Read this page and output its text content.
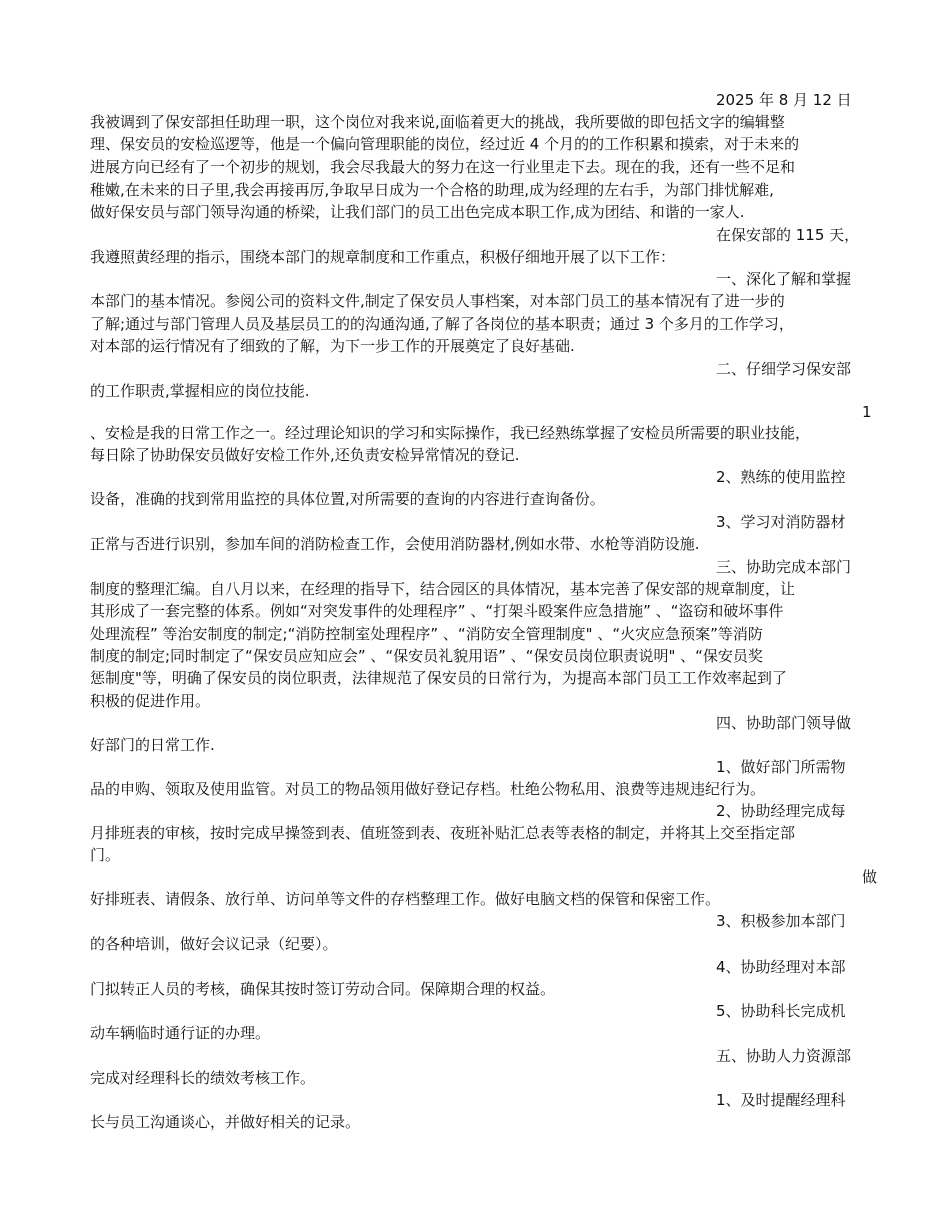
2025 年 8 月 12 日

我被调到了保安部担任助理一职，这个岗位对我来说,面临着更大的挑战，我所要做的即包括文字的编辑整

理、保安员的安检巡逻等，他是一个偏向管理职能的岗位，经过近 4 个月的的工作积累和摸索，对于未来的

进展方向已经有了一个初步的规划，我会尽我最大的努力在这一行业里走下去。现在的我，还有一些不足和

稚嫩,在未来的日子里,我会再接再厉,争取早日成为一个合格的助理,成为经理的左右手，为部门排忧解难,

做好保安员与部门领导沟通的桥梁，让我们部门的员工出色完成本职工作,成为团结、和谐的一家人.

在保安部的 115 天，

我遵照黄经理的指示，围绕本部门的规章制度和工作重点，积极仔细地开展了以下工作：

一、深化了解和掌握

本部门的基本情况。参阅公司的资料文件,制定了保安员人事档案，对本部门员工的基本情况有了进一步的

了解;通过与部门管理人员及基层员工的的沟通沟通,了解了各岗位的基本职责；通过 3 个多月的工作学习，

对本部的运行情况有了细致的了解，为下一步工作的开展奠定了良好基础.

二、仔细学习保安部

的工作职责,掌握相应的岗位技能.

1

、安检是我的日常工作之一。经过理论知识的学习和实际操作，我已经熟练掌握了安检员所需要的职业技能，

每日除了协助保安员做好安检工作外,还负责安检异常情况的登记.

2、熟练的使用监控

设备，准确的找到常用监控的具体位置,对所需要的查询的内容进行查询备份。

3、学习对消防器材

正常与否进行识别，参加车间的消防检查工作，会使用消防器材,例如水带、水枪等消防设施.

三、协助完成本部门

制度的整理汇编。自八月以来，在经理的指导下，结合园区的具体情况，基本完善了保安部的规章制度，让

其形成了一套完整的体系。例如“对突发事件的处理程序” 、“打架斗殴案件应急措施” 、“盗窃和破坏事件

处理流程” 等治安制度的制定;“消防控制室处理程序” 、“消防安全管理制度" 、“火灾应急预案”等消防

制度的制定;同时制定了“保安员应知应会” 、“保安员礼貌用语” 、“保安员岗位职责说明" 、“保安员奖

惩制度"等，明确了保安员的岗位职责，法律规范了保安员的日常行为，为提高本部门员工工作效率起到了

积极的促进作用。

四、协助部门领导做

好部门的日常工作.

1、做好部门所需物

品的申购、领取及使用监管。对员工的物品领用做好登记存档。杜绝公物私用、浪费等违规违纪行为。

2、协助经理完成每

月排班表的审核，按时完成早操签到表、值班签到表、夜班补贴汇总表等表格的制定，并将其上交至指定部

门。

做

好排班表、请假条、放行单、访问单等文件的存档整理工作。做好电脑文档的保管和保密工作。

3、积极参加本部门

的各种培训，做好会议记录（纪要）。

4、协助经理对本部

门拟转正人员的考核，确保其按时签订劳动合同。保障期合理的权益。

5、协助科长完成机

动车辆临时通行证的办理。

五、协助人力资源部

完成对经理科长的绩效考核工作。

1、及时提醒经理科

长与员工沟通谈心，并做好相关的记录。
